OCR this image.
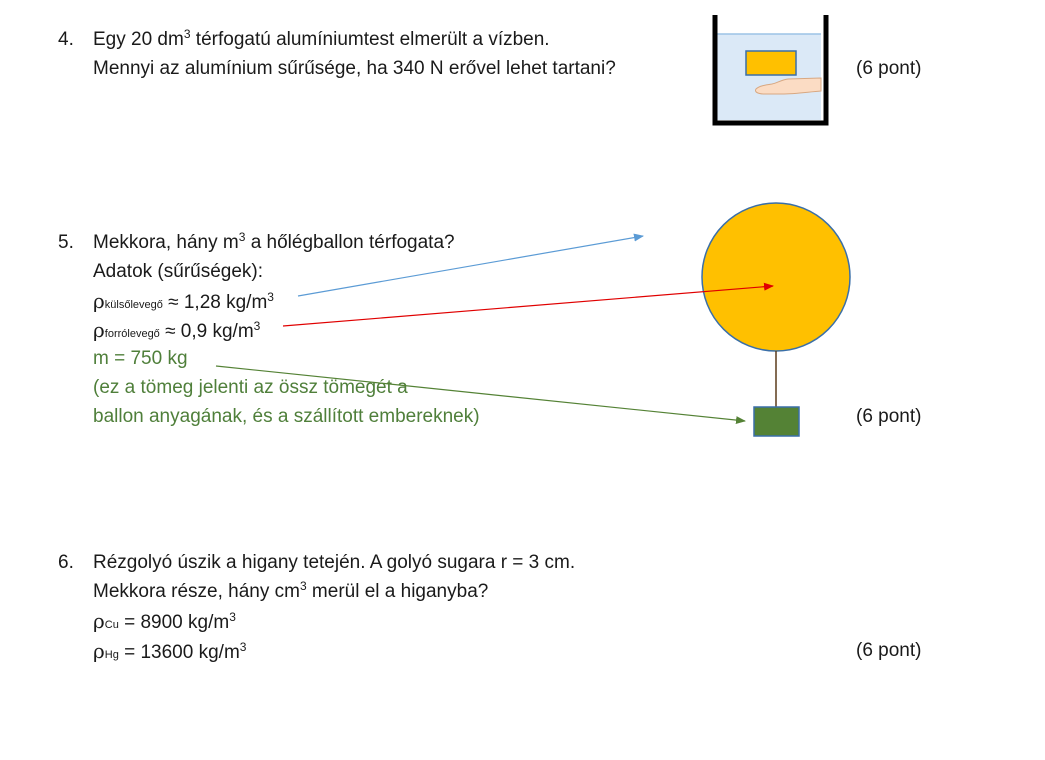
4. Egy 20 $dm^3$ térfogatú alumíniumtest elmerült a vízben.
Mennyi az alumínium sűrűsége, ha 340 N erővel lehet tartani?	(6 pont)
5. Mekkora, hány $m^3$ a hőlégballon térfogata?
Adatok (sűrűségek):
ρkülsőlevegő ≈ 1,28 $kg/m^3$
ρforrólevegő ≈ 0,9 $kg/m^3$
m = 750 kg
(ez a tömeg jelenti az össz tömegét a
ballon anyagának, és a szállított embereknek)	(6 pont)
6. Rézgolyó úszik a higany tetején. A golyó sugara r = 3 cm.
Mekkora része, hány $cm^3$ merül el a higanyba?
ρCu = 8900 $kg/m^3$
ρHg = 13600 $kg/m^3$	(6 pont)
